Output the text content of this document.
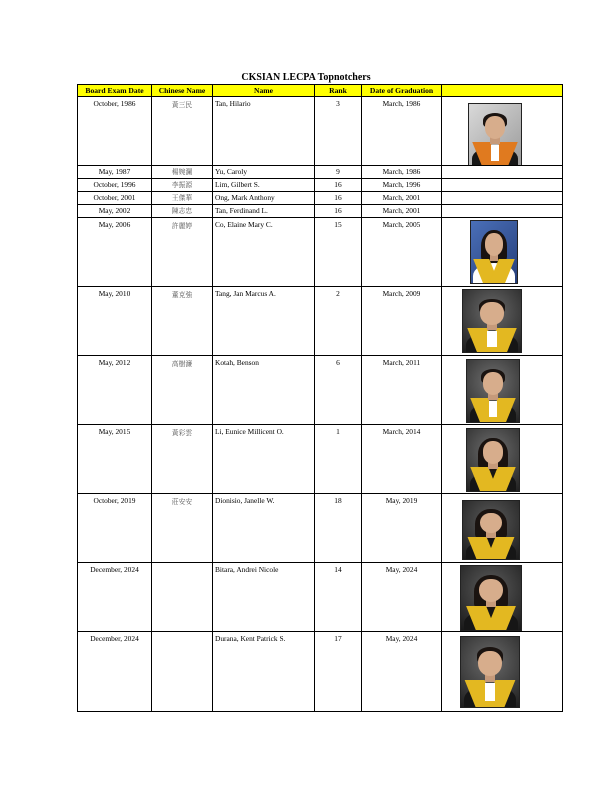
CKSIAN LECPA Topnotchers
Board Exam Date	Chinese Name	Name	Rank	Date of Graduation	
October, 1986	黃三民	Tan, Hilario	3	March, 1986	

May, 1987	楊婉瀾	Yu, Caroly	9	March, 1986	
October, 1996	李振源	Lim, Gilbert S.	16	March, 1996	
October, 2001	王傑華	Ong, Mark Anthony	16	March, 2001	
May, 2002	陳志忠	Tan, Ferdinand L.	16	March, 2001	
May, 2006	許麗婷	Co, Elaine Mary C.	15	March, 2005	

May, 2010	董克強	Tang, Jan Marcus A.	2	March, 2009	

May, 2012	高樹濂	Kotah, Benson	6	March, 2011	

May, 2015	黃彩雲	Li, Eunice Millicent O.	1	March, 2014	

October, 2019	莊安安	Dionisio, Janelle W.	18	May, 2019	

December, 2024		Bitara, Andrei Nicole	14	May, 2024	

December, 2024		Durana, Kent Patrick S.	17	May, 2024	
